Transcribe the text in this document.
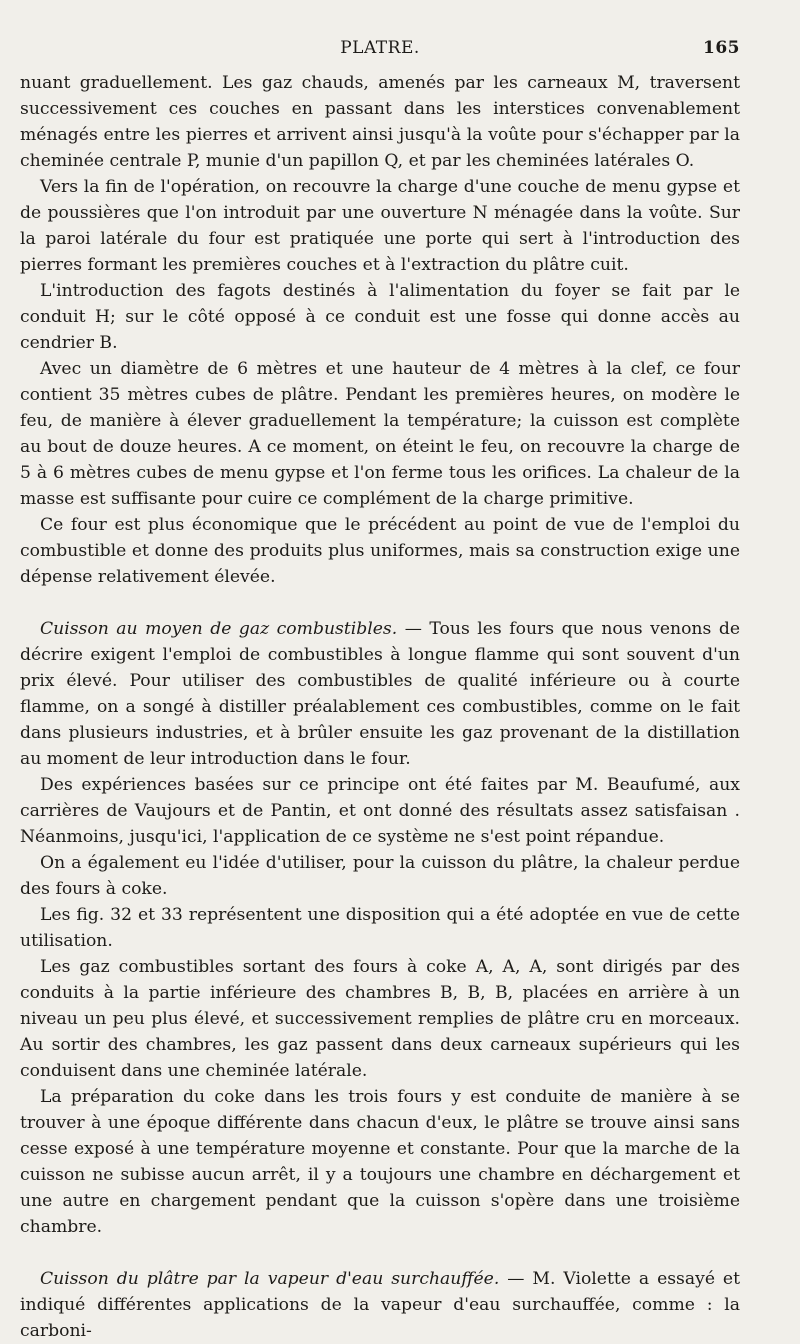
PLATRE.	165

nuant graduellement. Les gaz chauds, amenés par les carneaux M, traversent successivement ces couches en passant dans les interstices convenablement ménagés entre les pierres et arrivent ainsi jusqu'à la voûte pour s'échapper par la cheminée centrale P, munie d'un papillon Q, et par les cheminées latérales O.

Vers la fin de l'opération, on recouvre la charge d'une couche de menu gypse et de poussières que l'on introduit par une ouverture N ménagée dans la voûte. Sur la paroi latérale du four est pratiquée une porte qui sert à l'introduction des pierres formant les premières couches et à l'extraction du plâtre cuit.

L'introduction des fagots destinés à l'alimentation du foyer se fait par le conduit H; sur le côté opposé à ce conduit est une fosse qui donne accès au cendrier B.

Avec un diamètre de 6 mètres et une hauteur de 4 mètres à la clef, ce four contient 35 mètres cubes de plâtre. Pendant les premières heures, on modère le feu, de manière à élever graduellement la température; la cuisson est complète au bout de douze heures. A ce moment, on éteint le feu, on recouvre la charge de 5 à 6 mètres cubes de menu gypse et l'on ferme tous les orifices. La chaleur de la masse est suffisante pour cuire ce complément de la charge primitive.

Ce four est plus économique que le précédent au point de vue de l'emploi du combustible et donne des produits plus uniformes, mais sa construction exige une dépense relativement élevée.

Cuisson au moyen de gaz combustibles. — Tous les fours que nous venons de décrire exigent l'emploi de combustibles à longue flamme qui sont souvent d'un prix élevé. Pour utiliser des combustibles de qualité inférieure ou à courte flamme, on a songé à distiller préalablement ces combustibles, comme on le fait dans plusieurs industries, et à brûler ensuite les gaz provenant de la distillation au moment de leur introduction dans le four.

Des expériences basées sur ce principe ont été faites par M. Beaufumé, aux carrières de Vaujours et de Pantin, et ont donné des résultats assez satisfaisan . Néanmoins, jusqu'ici, l'application de ce système ne s'est point répandue.

On a également eu l'idée d'utiliser, pour la cuisson du plâtre, la chaleur perdue des fours à coke.

Les fig. 32 et 33 représentent une disposition qui a été adoptée en vue de cette utilisation.

Les gaz combustibles sortant des fours à coke A, A, A, sont dirigés par des conduits à la partie inférieure des chambres B, B, B, placées en arrière à un niveau un peu plus élevé, et successivement remplies de plâtre cru en morceaux. Au sortir des chambres, les gaz passent dans deux carneaux supérieurs qui les conduisent dans une cheminée latérale.

La préparation du coke dans les trois fours y est conduite de manière à se trouver à une époque différente dans chacun d'eux, le plâtre se trouve ainsi sans cesse exposé à une température moyenne et constante. Pour que la marche de la cuisson ne subisse aucun arrêt, il y a toujours une chambre en déchargement et une autre en chargement pendant que la cuisson s'opère dans une troisième chambre.

Cuisson du plâtre par la vapeur d'eau surchauffée. — M. Violette a essayé et indiqué différentes applications de la vapeur d'eau surchauffée, comme : la carboni-
